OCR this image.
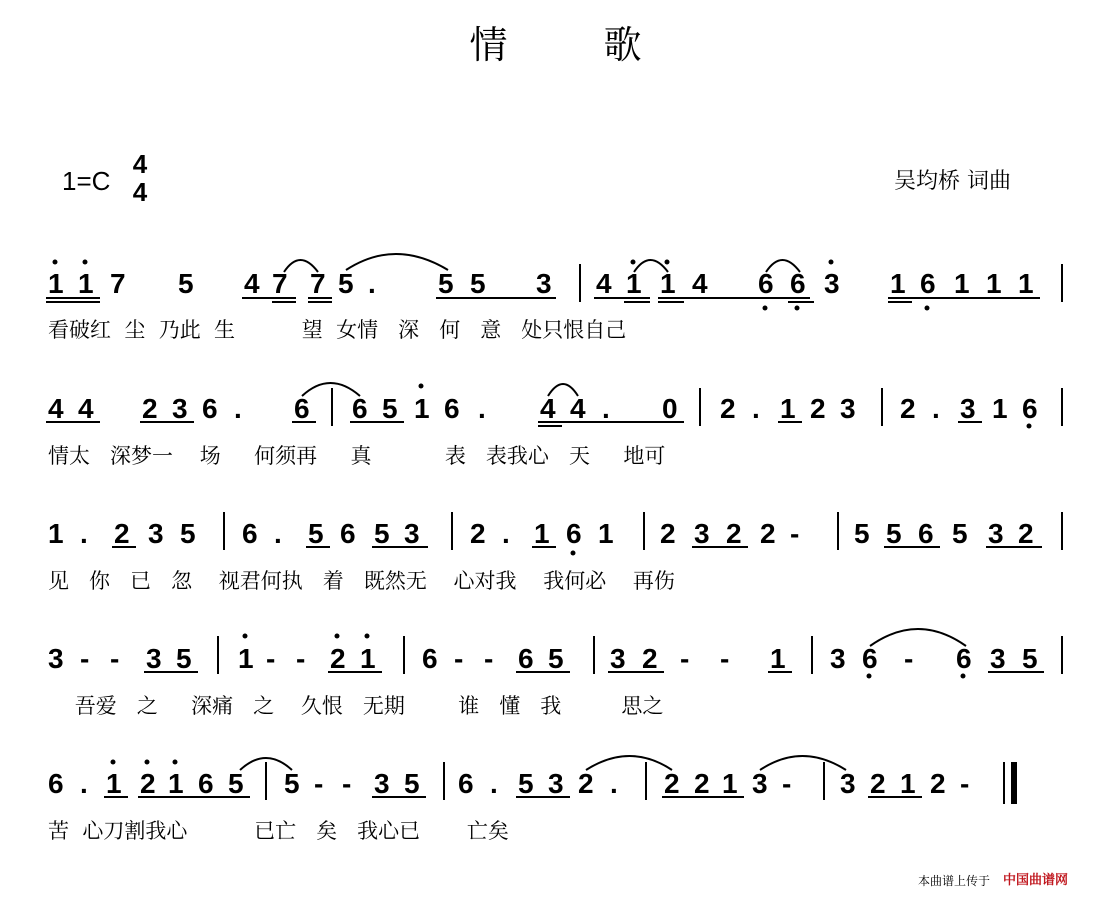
情歌
1=C
4
4	吴均桥 词曲
1 1 7 5 4 7 7 5 . 5 5 3 4 1 1 4 6 6 3 1 6 1 1 1
4 4 2 3 6 . 6 6 5 1 6 . 4 4 . 0 2 . 1 2 3 2 . 3 1 6
1 . 2 3 5 6 . 5 6 5 3 2 . 1 6 1 2 3 2 2 - 5 5 6 5 3 2
3 - - 3 5 1 - - 2 1 6 - - 6 5 3 2 - - 1 3 6 - 6 3 5
6 . 1 2 1 6 5 5 - - 3 5 6 . 5 3 2 . 2 2 1 3 - 3 2 1 2 -
看破红  尘  乃此  生          望  女情   深   何   意   处只恨自己
情太   深梦一    场     何须再     真           表   表我心   天     地可
见   你   已   忽    视君何执   着   既然无    心对我    我何必    再伤
吾爱   之     深痛   之    久恨   无期        谁   懂   我         思之
苦  心刀割我心          已亡   矣   我心已       亡矣
本曲谱上传于 中国曲谱网
